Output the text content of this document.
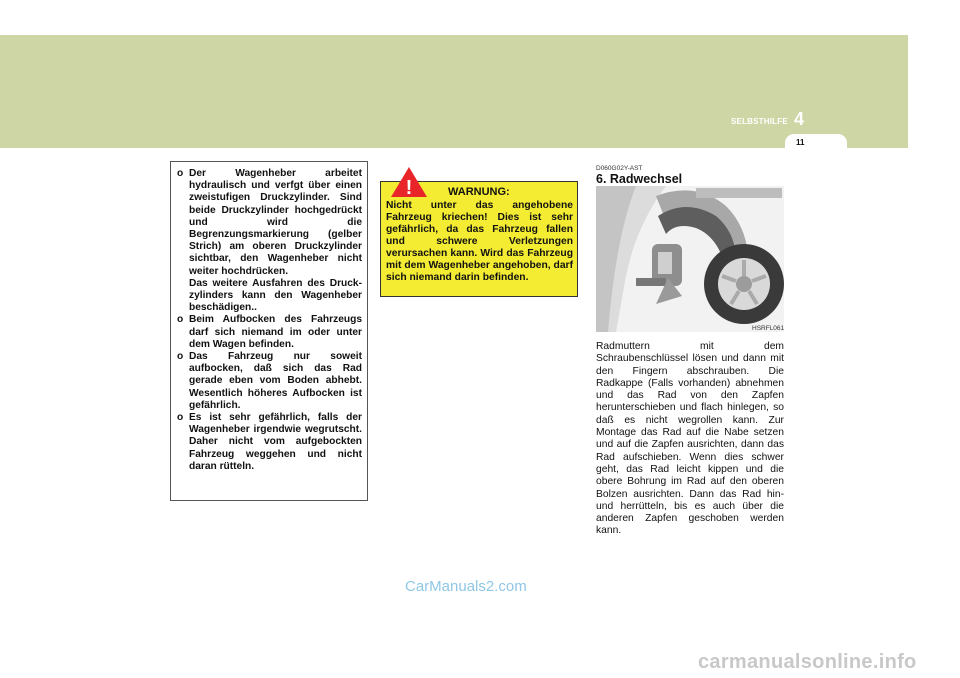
SELBSTHILFE 4
11
o Der Wagenheber arbeitet hydraulisch und verfgt über einen zweistufigen Druckzylinder. Sind beide Druckzylinder hochgedrückt und wird die Begrenzungsmarkierung (gelber Strich) am oberen Druckzylinder sichtbar, den Wagenheber nicht weiter hochdrücken.
Das weitere Ausfahren des Druck-zylinders kann den Wagenheber beschädigen..
o Beim Aufbocken des Fahrzeugs darf sich niemand im oder unter dem Wagen befinden.
o Das Fahrzeug nur soweit aufbocken, daß sich das Rad gerade eben vom Boden abhebt. Wesentlich höheres Aufbocken ist gefährlich.
o Es ist sehr gefährlich, falls der Wagenheber irgendwie wegrutscht. Daher nicht vom aufgebockten Fahrzeug weggehen und nicht daran rütteln.
WARNUNG:
Nicht unter das angehobene Fahrzeug kriechen! Dies ist sehr gefährlich, da das Fahrzeug fallen und schwere Verletzungen verursachen kann. Wird das Fahrzeug mit dem Wagenheber angehoben, darf sich niemand darin befinden.
!
D060G02Y-AST
6. Radwechsel
HSRFL061
Radmuttern mit dem Schraubenschlüssel lösen und dann mit den Fingern abschrauben. Die Radkappe (Falls vorhanden) abnehmen und das Rad von den Zapfen herunterschieben und flach hinlegen, so daß es nicht wegrollen kann. Zur Montage das Rad auf die Nabe setzen und auf die Zapfen ausrichten, dann das Rad aufschieben. Wenn dies schwer geht, das Rad leicht kippen und die obere Bohrung im Rad auf den oberen Bolzen ausrichten. Dann das Rad hin- und herrütteln, bis es auch über die anderen Zapfen geschoben werden kann.
CarManuals2.com
carmanualsonline.info
